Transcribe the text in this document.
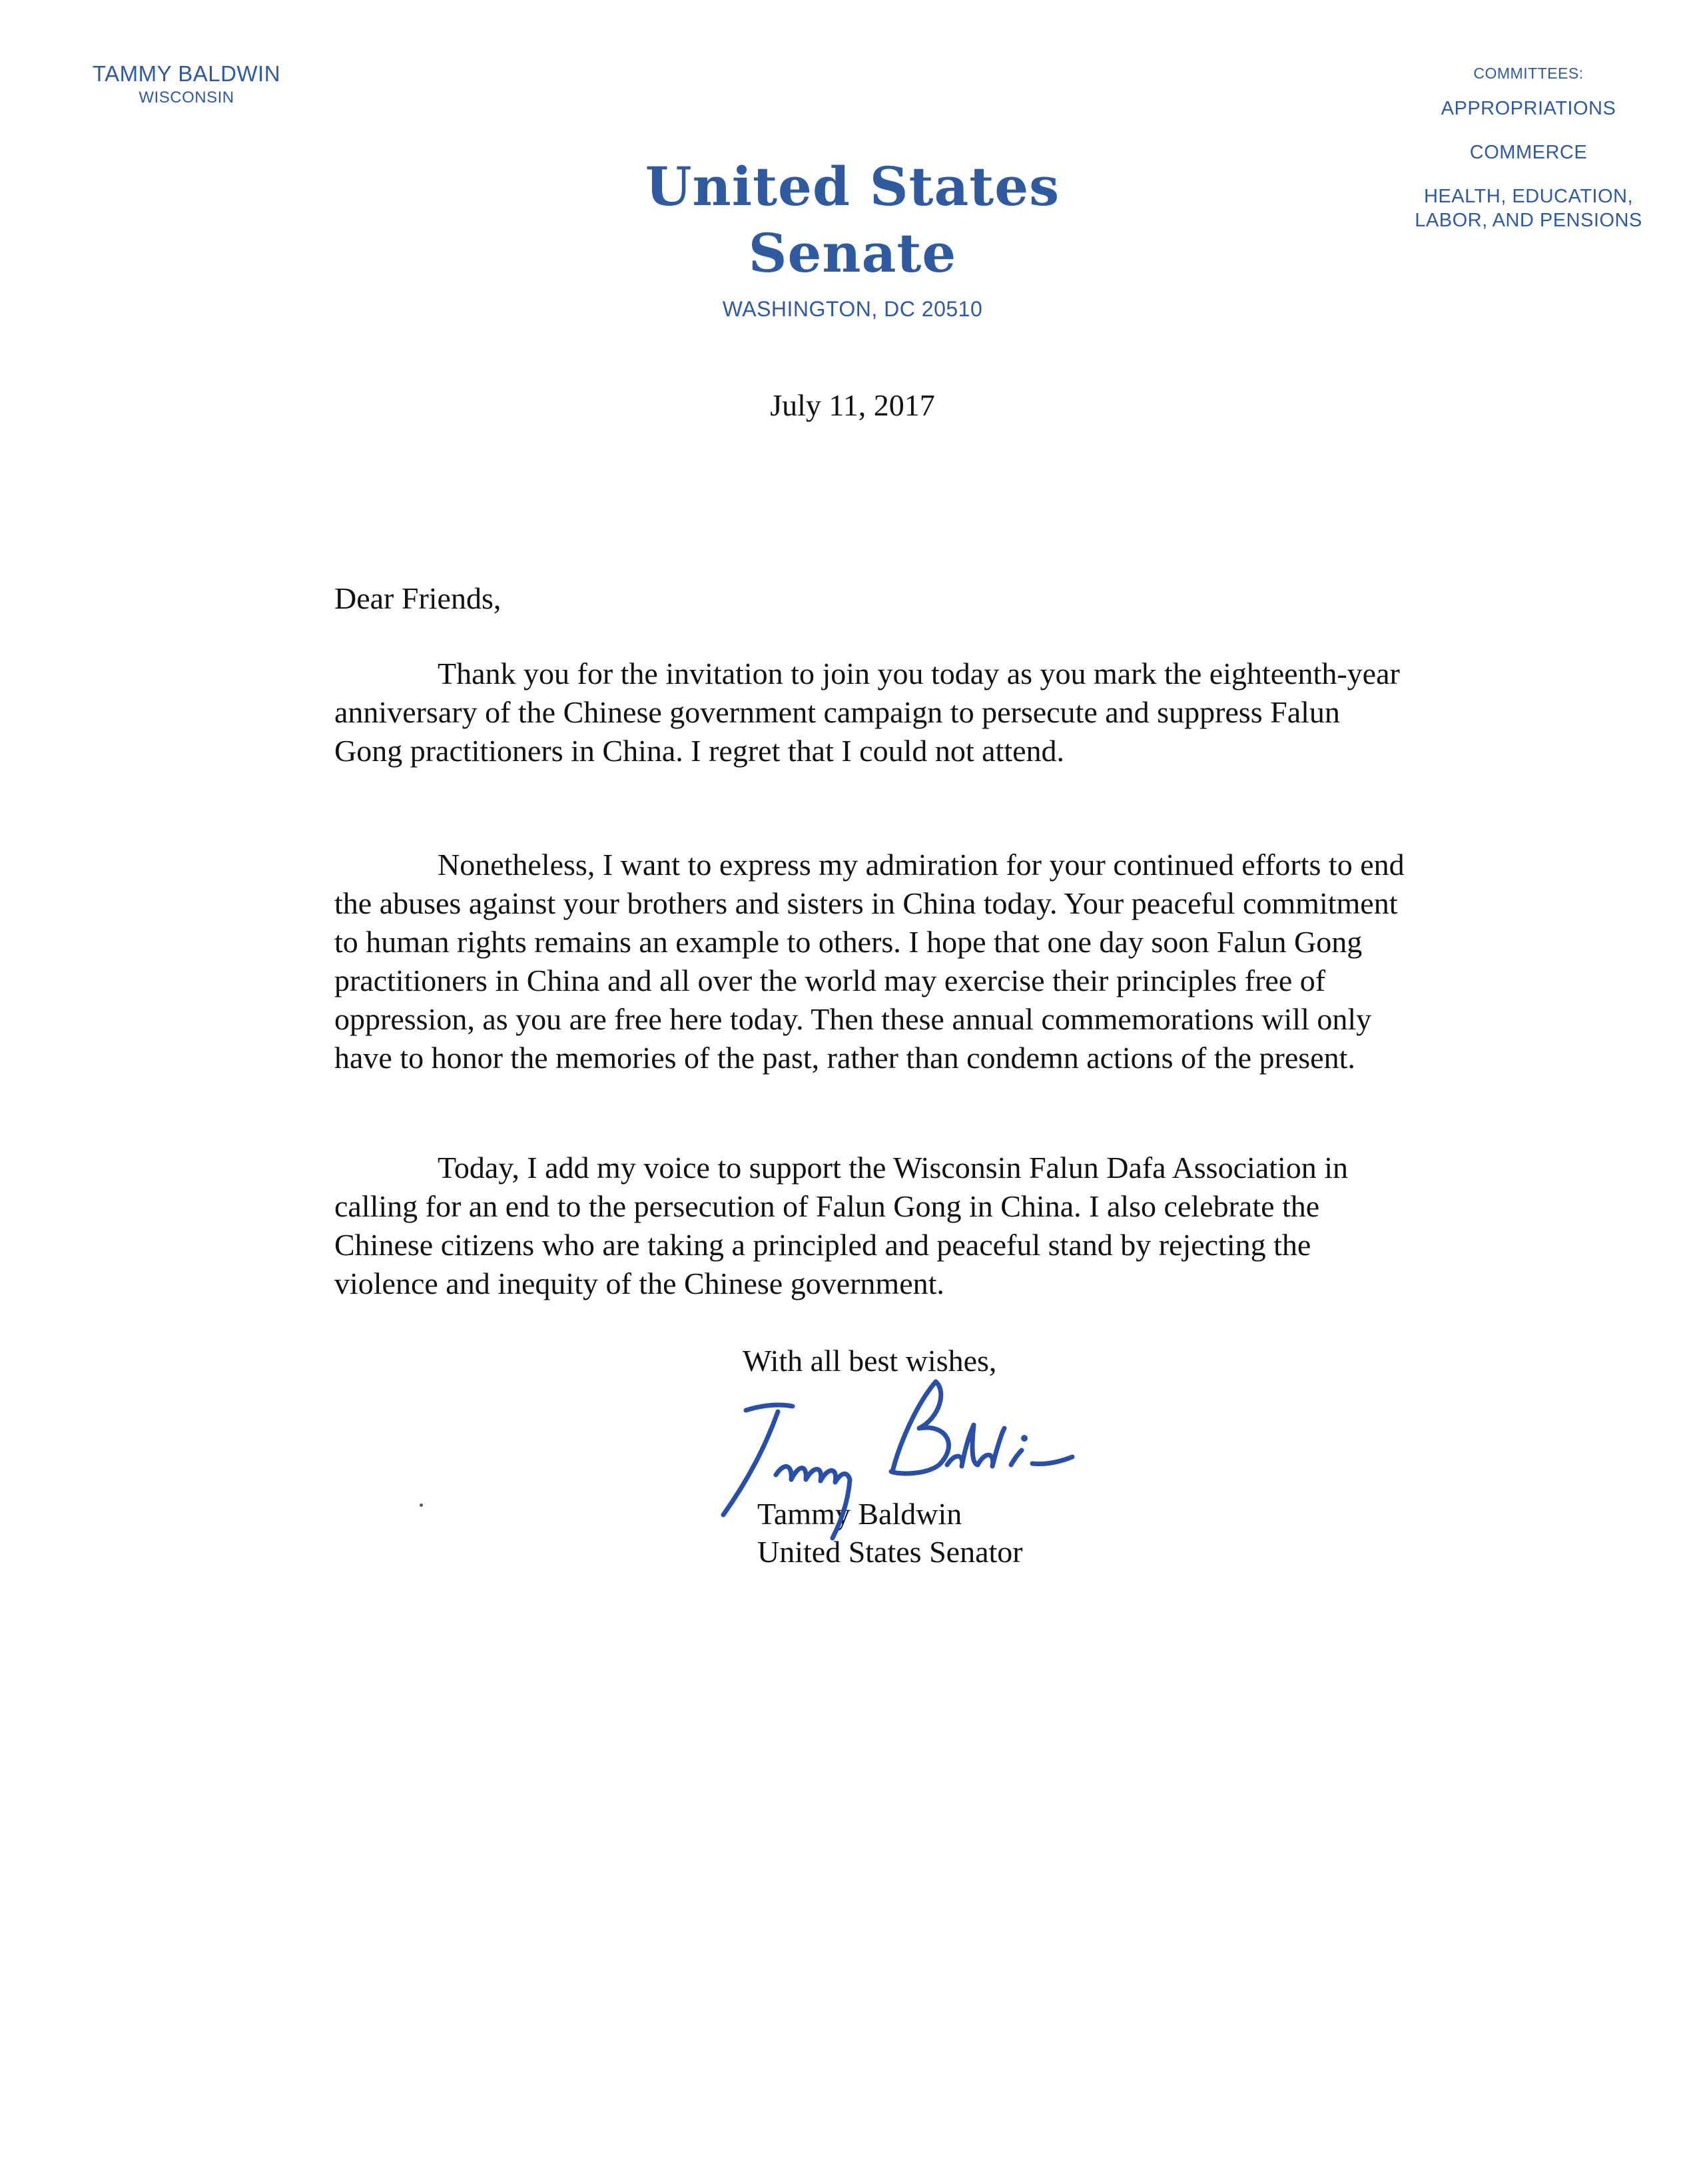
TAMMY BALDWIN
WISCONSIN
COMMITTEES:
APPROPRIATIONS
COMMERCE
HEALTH, EDUCATION,
LABOR, AND PENSIONS
United States Senate
WASHINGTON, DC 20510
July 11, 2017
Dear Friends,

Thank you for the invitation to join you today as you mark the eighteenth-year anniversary of the Chinese government campaign to persecute and suppress Falun Gong practitioners in China. I regret that I could not attend.

Nonetheless, I want to express my admiration for your continued efforts to end the abuses against your brothers and sisters in China today. Your peaceful commitment to human rights remains an example to others. I hope that one day soon Falun Gong practitioners in China and all over the world may exercise their principles free of oppression, as you are free here today. Then these annual commemorations will only have to honor the memories of the past, rather than condemn actions of the present.

Today, I add my voice to support the Wisconsin Falun Dafa Association in calling for an end to the persecution of Falun Gong in China. I also celebrate the Chinese citizens who are taking a principled and peaceful stand by rejecting the violence and inequity of the Chinese government.

With all best wishes,
Tammy Baldwin
United States Senator
